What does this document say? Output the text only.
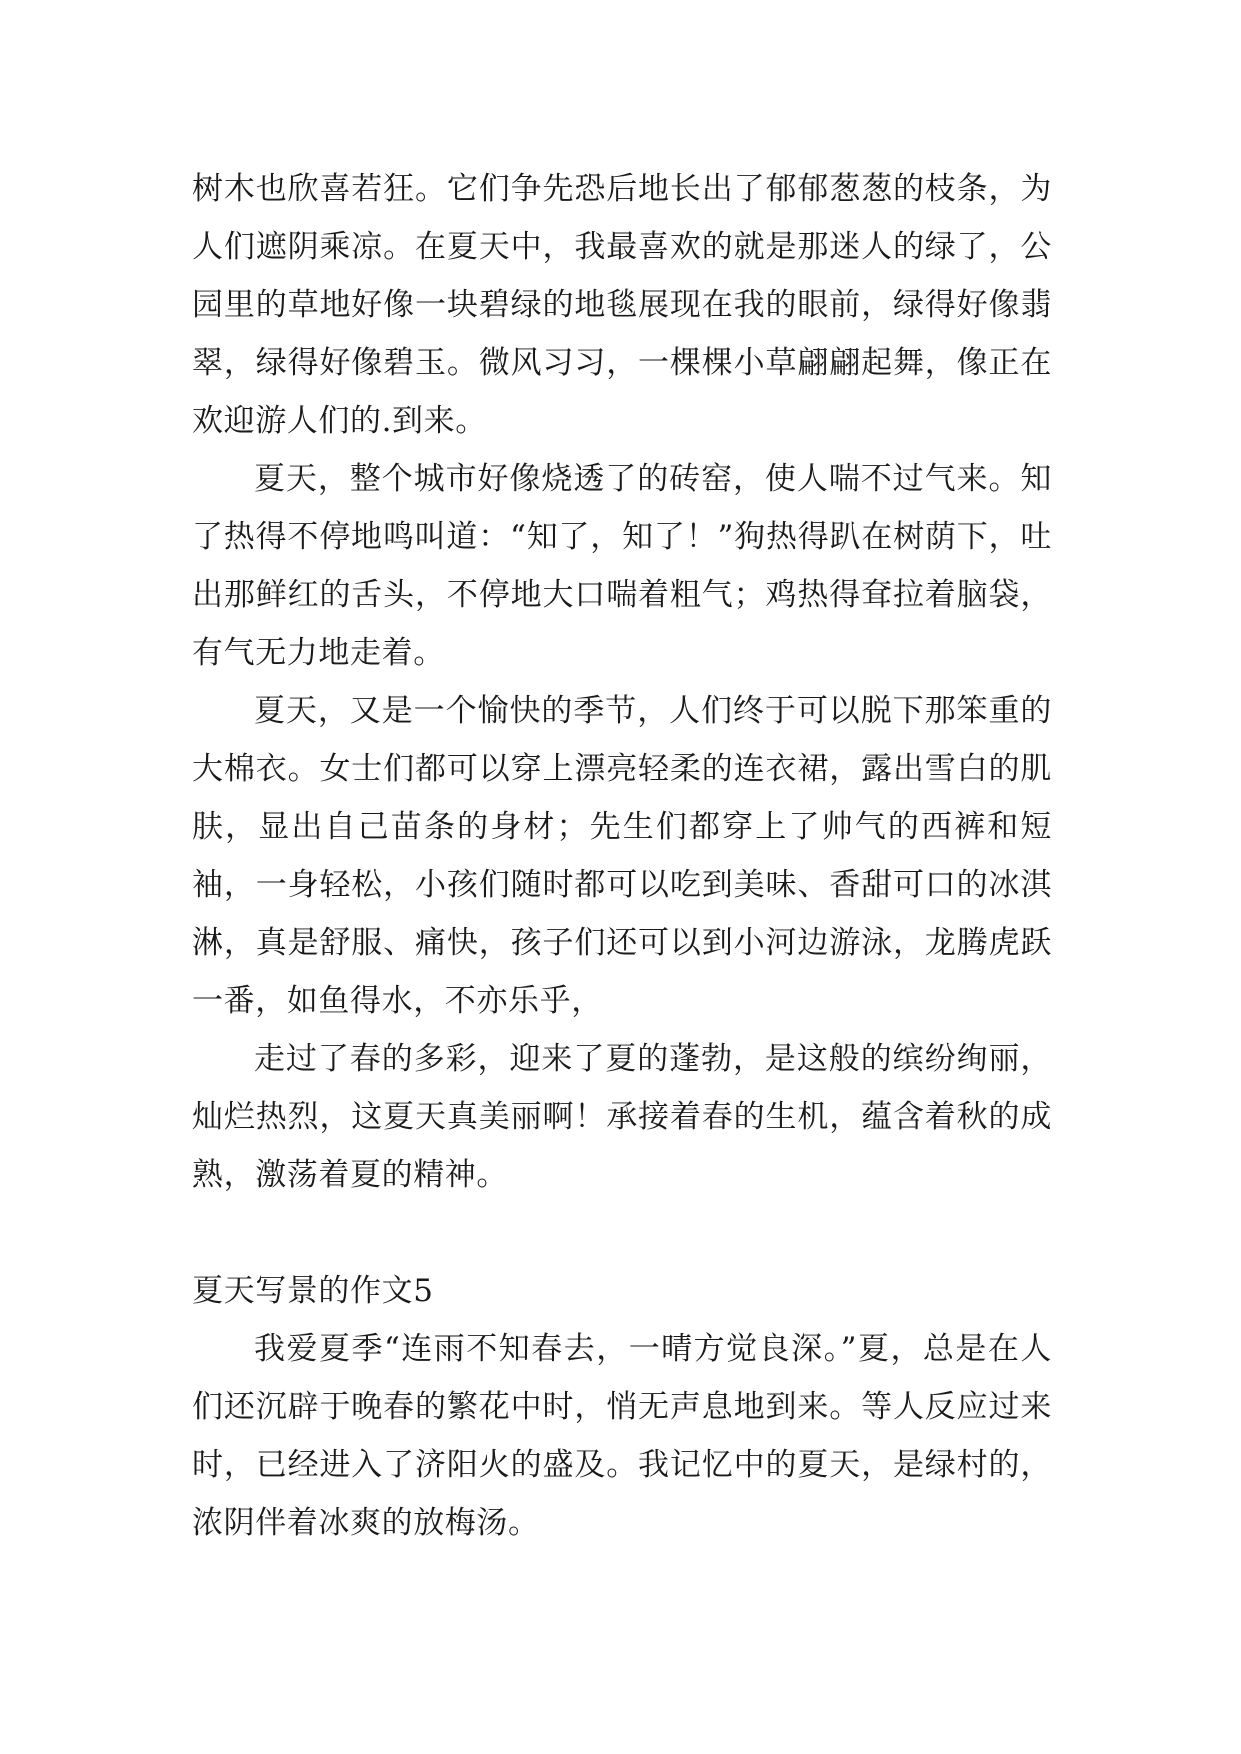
树木也欣喜若狂。它们争先恐后地长出了郁郁葱葱的枝条，为人们遮阴乘凉。在夏天中，我最喜欢的就是那迷人的绿了，公园里的草地好像一块碧绿的地毯展现在我的眼前，绿得好像翡翠，绿得好像碧玉。微风习习，一棵棵小草翩翩起舞，像正在欢迎游人们的.到来。

夏天，整个城市好像烧透了的砖窑，使人喘不过气来。知了热得不停地鸣叫道：“知了，知了！”狗热得趴在树荫下，吐出那鲜红的舌头，不停地大口喘着粗气；鸡热得耷拉着脑袋，有气无力地走着。

夏天，又是一个愉快的季节，人们终于可以脱下那笨重的大棉衣。女士们都可以穿上漂亮轻柔的连衣裙，露出雪白的肌肤，显出自己苗条的身材；先生们都穿上了帅气的西裤和短袖，一身轻松，小孩们随时都可以吃到美味、香甜可口的冰淇淋，真是舒服、痛快，孩子们还可以到小河边游泳，龙腾虎跃一番，如鱼得水，不亦乐乎，

走过了春的多彩，迎来了夏的蓬勃，是这般的缤纷绚丽，灿烂热烈，这夏天真美丽啊！承接着春的生机，蕴含着秋的成熟，激荡着夏的精神。

夏天写景的作文5

我爱夏季“连雨不知春去，一晴方觉良深。”夏，总是在人们还沉辟于晚春的繁花中时，悄无声息地到来。等人反应过来时，已经进入了济阳火的盛及。我记忆中的夏天，是绿村的，浓阴伴着冰爽的放梅汤。
